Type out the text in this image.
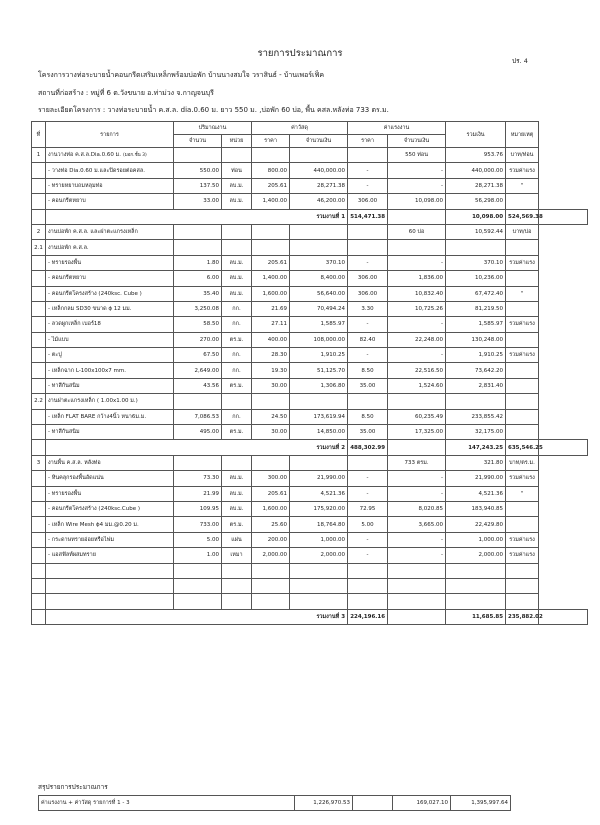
รายการประมาณการ
ปร. 4
โครงการวางท่อระบายน้ำคอนกรีตเสริมเหล็กพร้อมบ่อพัก บ้านนางสมใจ วราสินธ์ - บ้านเพอร์เฟ็ค
สถานที่ก่อสร้าง : หมู่ที่ 6 ต.วังขนาย อ.ท่าม่วง จ.กาญจนบุรี
รายละเอียดโครงการ : วางท่อระบายน้ำ ค.ส.ล. dia.0.60 ม. ยาว 550 ม. ,บ่อพัก 60 บ่อ, พื้น คสล.หลังท่อ 733 ตร.ม.
ที่	รายการ	ปริมาณงาน		ค่าวัสดุ		ค่าแรงงาน		รวมเงิน	หมายเหตุ	
		จำนวน	หน่วย	ราคา	จำนวนเงิน	ราคา	จำนวนเงิน			
1	งานวางท่อ ค.ส.ล.Dia.0.60 ม. (มอก.ชั้น 3)						550 ท่อน	953.76	บาท/ท่อน	
	- วางท่อ Dia.0.60 ม.และปิดรอยต่อคสล.	550.00	ท่อน	800.00	440,000.00	-	-	440,000.00	รวมค่าแรง	
	- ทรายหยาบถมหลุมท่อ	137.50	ลบ.ม.	205.61	28,271.38	-	-	28,271.38	"	
	- คอนกรีตหยาบ	33.00	ลบ.ม.	1,400.00	46,200.00	306.00	10,098.00	56,298.00		
	รวมงานที่ 1					514,471.38		10,098.00	524,569.38	
2	งานบ่อพัก ค.ส.ล. และฝาตะแกรงเหล็ก						60 บ่อ	10,592.44	บาท/บ่อ	
2.1	งานบ่อพัก ค.ส.ล.									
	- ทรายรองพื้น	1.80	ลบ.ม.	205.61	370.10	-	-	370.10	รวมค่าแรง	
	- คอนกรีตหยาบ	6.00	ลบ.ม.	1,400.00	8,400.00	306.00	1,836.00	10,236.00		
	- คอนกรีตโครงสร้าง (240ksc. Cube )	35.40	ลบ.ม.	1,600.00	56,640.00	306.00	10,832.40	67,472.40	"	
	- เหล็กกลม SD30 ขนาด ϕ 12 มม.	3,250.08	กก.	21.69	70,494.24	3.30	10,725.26	81,219.50		
	- ลวดผูกเหล็ก เบอร์18	58.50	กก.	27.11	1,585.97	-	-	1,585.97	รวมค่าแรง	
	- ไม้แบบ	270.00	ตร.ม.	400.00	108,000.00	82.40	22,248.00	130,248.00		
	- ตะปู	67.50	กก.	28.30	1,910.25	-	-	1,910.25	รวมค่าแรง	
	- เหล็กฉาก L-100x100x7 mm.	2,649.00	กก.	19.30	51,125.70	8.50	22,516.50	73,642.20		
	- ทาสีกันสนิม	43.56	ตร.ม.	30.00	1,306.80	35.00	1,524.60	2,831.40		
2.2	งานฝาตะแกรงเหล็ก ( 1.00x1.00 ม.)									
	- เหล็ก FLAT BARE กว้าง4นิ้ว หนา6ม.ม.	7,086.53	กก.	24.50	173,619.94	8.50	60,235.49	233,855.42		
	- ทาสีกันสนิม	495.00	ตร.ม.	30.00	14,850.00	35.00	17,325.00	32,175.00		
	รวมงานที่ 2					488,302.99		147,243.25	635,546.25	
3	งานพื้น ค.ส.ล. หลังท่อ						733 ตรม.	321.80	บาท/ตร.ม.	
	- หินคลุกรองพื้นอัดแน่น	73.30	ลบ.ม.	300.00	21,990.00	-	-	21,990.00	รวมค่าแรง	
	- ทรายรองพื้น	21.99	ลบ.ม.	205.61	4,521.36	-	-	4,521.36	"	
	- คอนกรีตโครงสร้าง (240ksc.Cube )	109.95	ลบ.ม.	1,600.00	175,920.00	72.95	8,020.85	183,940.85		
	- เหล็ก Wire Mesh ϕ4 มม.@0.20 ม.	733.00	ตร.ม.	25.60	18,764.80	5.00	3,665.00	22,429.80		
	- กระดาษทรายอ่อยหรือไฟม	5.00	แผ่น	200.00	1,000.00	-	-	1,000.00	รวมค่าแรง	
	- แอสฟัลท์ผสมทราย	1.00	เหมา	2,000.00	2,000.00	-	-	2,000.00	รวมค่าแรง	

	รวมงานที่ 3					224,196.16		11,685.85	235,882.02	
สรุปรายการประมาณการ
ค่าแรงงาน + ค่าวัสดุ รายการที่ 1 - 3	1,226,970.53		169,027.10	1,395,997.64
